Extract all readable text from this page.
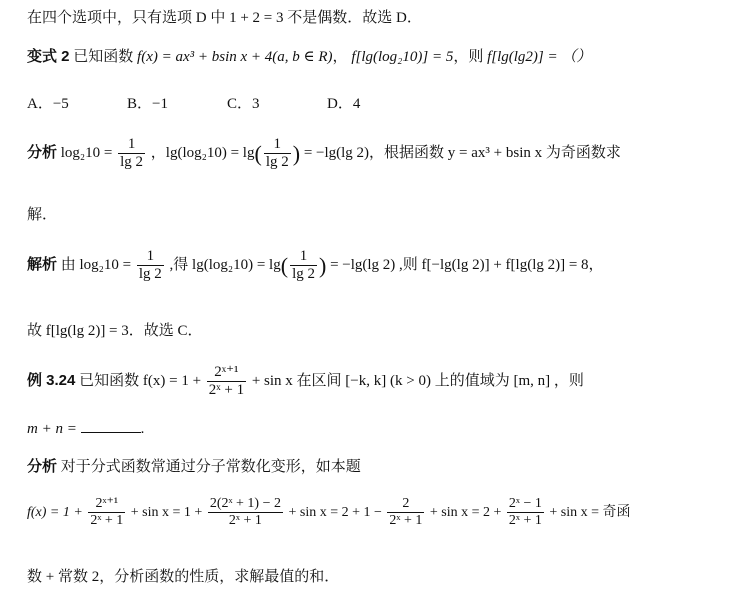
在四个选项中，只有选项 D 中 1 + 2 = 3 不是偶数．故选 D．
变式 2 已知函数 f(x) = ax³ + bsin x + 4(a, b ∈ R)， f[lg(log₂10)] = 5，则 f[lg(lg2)] = （）
A．−5	B．−1	C．3	D．4
分析 $\log_210 = \frac{1}{\lg 2}$ ，$\lg(\log_210) = \lg( \frac{1}{\lg 2}$ ) = −lg(lg 2)，根据函数 y = ax³ + bsin x 为奇函数求
解．
解析 由 $\log_210 = \frac{1}{\lg 2}$ ,得 $\lg(\log_210) = \lg( \frac{1}{\lg 2}$ ) = −lg(lg 2) ,则 f[−lg(lg 2)] + f[lg(lg 2)] = 8，
故 f[lg(lg 2)] = 3．故选 C．
例 3.24 已知函数 $f(x) = 1 + \frac{\text{2ˣ⁺¹}}{\text{2ˣ + 1}} + \sin x$ 在区间 [−k, k] (k > 0) 上的值域为 [m, n] ，则
m + n =	.
分析 对于分式函数常通过分子常数化变形，如本题
$f(x) = 1 + \frac{\text{2ˣ⁺¹}}{\text{2ˣ + 1}} + \sin x = 1 + \frac{\text{2(2ˣ + 1) − 2}}{\text{2ˣ + 1}} + \sin x = 2 + 1 - \frac{2}{\text{2ˣ + 1}} + \sin x = 2 + \frac{\text{2ˣ − 1}}{\text{2ˣ + 1}} + \sin x$ = 奇函
数 + 常数 2，分析函数的性质，求解最值的和．
